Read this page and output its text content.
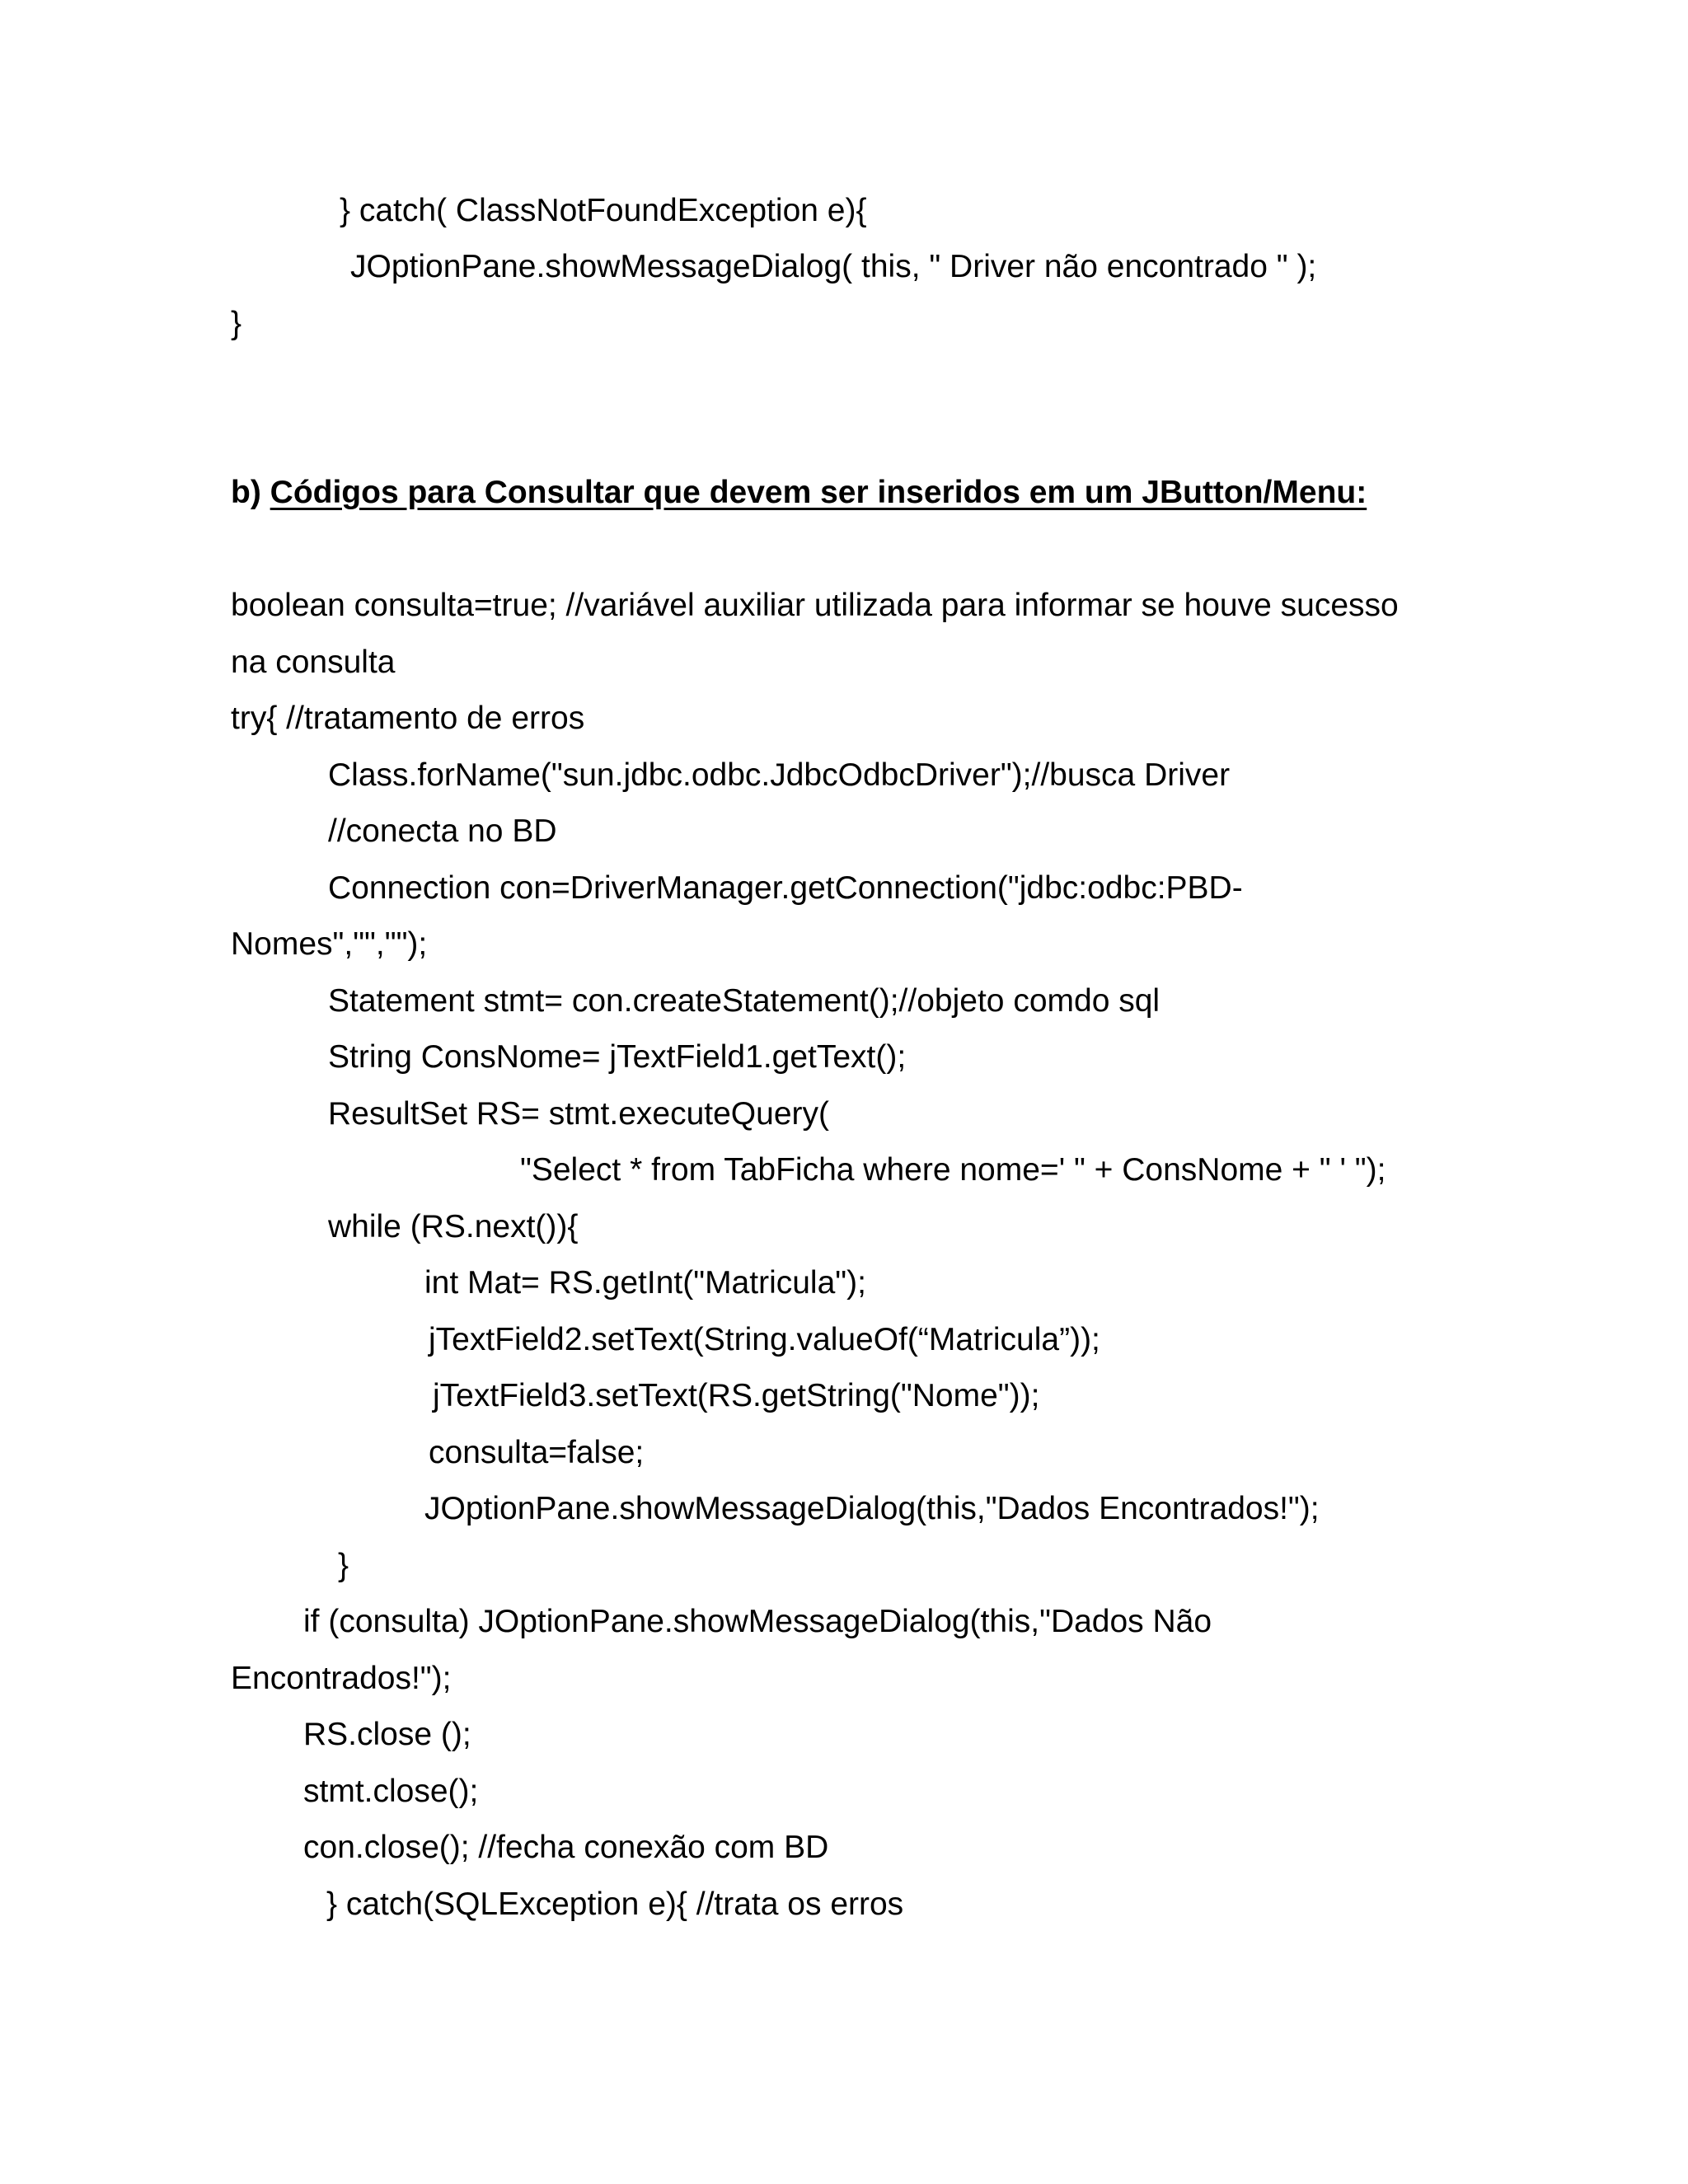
} catch( ClassNotFoundException e){
JOptionPane.showMessageDialog( this, " Driver não encontrado " );
}
b) Códigos para Consultar que devem ser inseridos em um JButton/Menu:
boolean consulta=true; //variável auxiliar utilizada para informar se houve sucesso
na consulta
try{ //tratamento de erros
Class.forName("sun.jdbc.odbc.JdbcOdbcDriver");//busca Driver
//conecta no BD
Connection con=DriverManager.getConnection("jdbc:odbc:PBD-
Nomes","","");
Statement stmt= con.createStatement();//objeto comdo sql
String ConsNome= jTextField1.getText();
ResultSet RS= stmt.executeQuery(
"Select * from TabFicha where nome=' " + ConsNome + " ' ");
while (RS.next()){
int Mat= RS.getInt("Matricula");
jTextField2.setText(String.valueOf(“Matricula”));
jTextField3.setText(RS.getString("Nome"));
consulta=false;
JOptionPane.showMessageDialog(this,"Dados Encontrados!");
}
if (consulta) JOptionPane.showMessageDialog(this,"Dados Não
Encontrados!");
RS.close ();
stmt.close();
con.close(); //fecha conexão com BD
} catch(SQLException e){ //trata os erros
